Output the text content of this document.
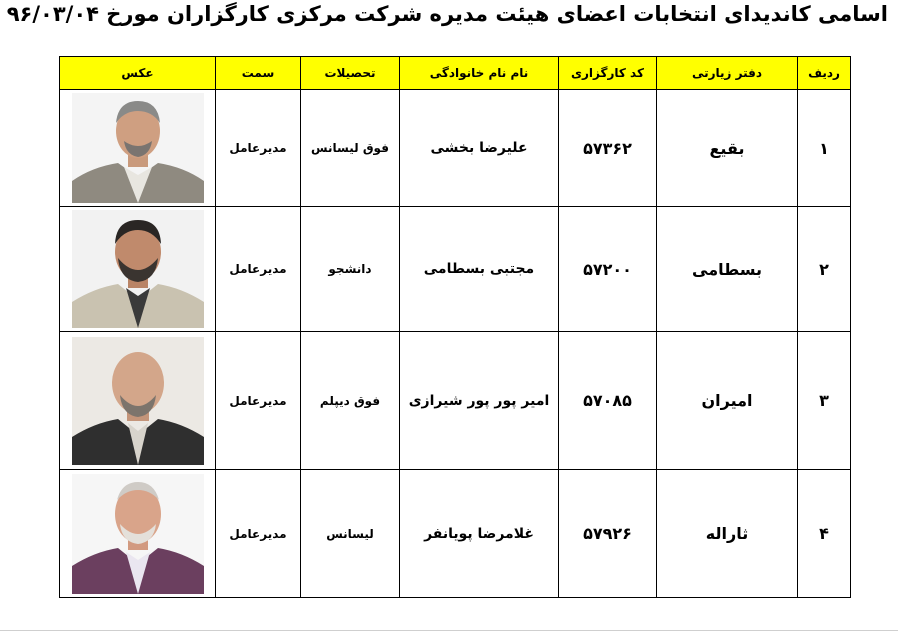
اسامی کاندیدای انتخابات اعضای هیئت مدیره شرکت مرکزی کارگزاران مورخ ۹۶/۰۳/۰۴
ردیف	دفتر زیارتی	کد کارگزاری	نام نام خانوادگی	تحصیلات	سمت	عکس
۱	بقیع	۵۷۳۶۲	علیرضا بخشی	فوق لیسانس	مدیرعامل	

۲	بسطامی	۵۷۲۰۰	مجتبی بسطامی	دانشجو	مدیرعامل	

۳	امیران	۵۷۰۸۵	امیر پور پور شیرازی	فوق دیپلم	مدیرعامل	

۴	ثاراله	۵۷۹۲۶	غلامرضا پویانفر	لیسانس	مدیرعامل	
